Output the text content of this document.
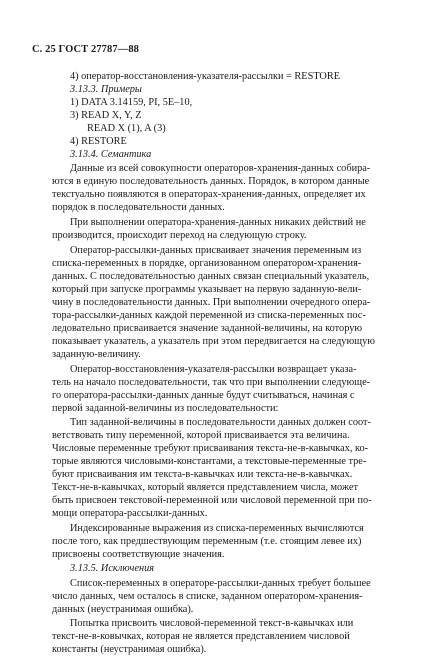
С. 25 ГОСТ 27787—88
4) оператор-восстановления-указателя-рассылки = RESTORE
3.13.3. Примеры
1) DATA 3.14159, PI, 5E–10,
3) READ X, Y, Z
READ X (1), A (3)
4) RESTORE
3.13.4. Семантика
Данные из всей совокупности операторов-хранения-данных собира-
ются в единую последовательность данных. Порядок, в котором данные
текстуально появляются в операторах-хранения-данных, определяет их
порядок в последовательности данных.
При выполнении оператора-хранения-данных никаких действий не
производится, происходит переход на следующую строку.
Оператор-рассылки-данных присваивает значения переменным из
списка-переменных в порядке, организованном оператором-хранения-
данных. С последовательностью данных связан специальный указатель,
который при запуске программы указывает на первую заданную-вели-
чину в последовательности данных. При выполнении очередного опера-
тора-рассылки-данных каждой переменной из списка-переменных пос-
ледовательно присваивается значение заданной-величины, на которую
показывает указатель, а указатель при этом передвигается на следующую
заданную-величину.
Оператор-восстановления-указателя-рассылки возвращает указа-
тель на начало последовательности, так что при выполнении следующе-
го оператора-рассылки-данных данные будут считываться, начиная с
первой заданной-величины из последовательности:
Тип заданной-величины в последовательности данных должен соот-
ветствовать типу переменной, которой присваивается эта величина.
Числовые переменные требуют присваивания текста-не-в-кавычках, ко-
торые являются числовыми-константами, а текстовые-переменные тре-
буют присваивания им текста-в-кавычках или текста-не-в-кавычках.
Текст-не-в-кавычках, который является представлением числа, может
быть присвоен текстовой-переменной или числовой переменной при по-
мощи оператора-рассылки-данных.
Индексированные выражения из списка-переменных вычисляются
после того, как предшествующим переменным (т.е. стоящим левее их)
присвоены соответствующие значения.
3.13.5. Исключения
Список-переменных в операторе-рассылки-данных требует большее
число данных, чем осталось в списке, заданном оператором-хранения-
данных (неустранимая ошибка).
Попытка присвоить числовой-переменной текст-в-кавычках или
текст-не-в-ковычках, которая не является представлением числовой
константы (неустранимая ошибка).
